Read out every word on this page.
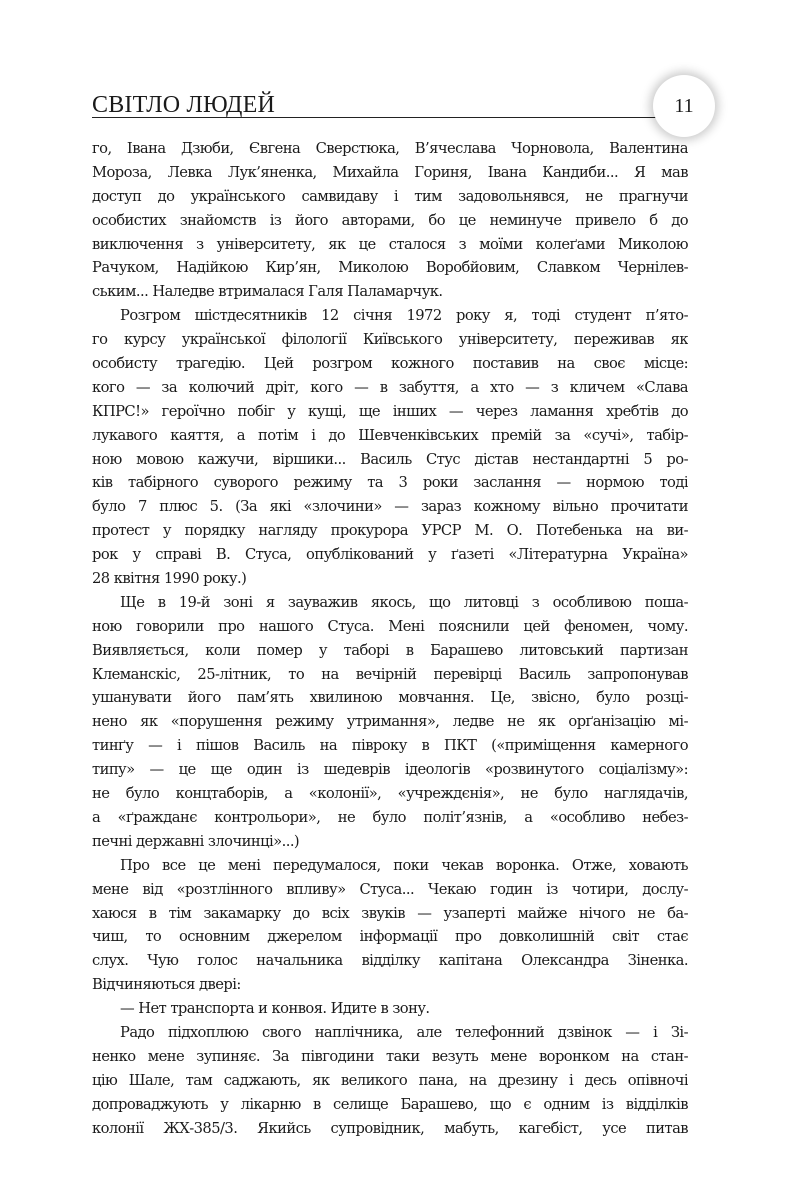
СВІТЛО ЛЮДЕЙ	11
го, Івана Дзюби, Євгена Сверстюка, В’ячеслава Чорновола, Валентина
Мороза, Левка Лук’яненка, Михайла Гориня, Івана Кандиби... Я мав
доступ до українського самвидаву і тим задовольнявся, не прагнучи
особистих знайомств із його авторами, бо це неминуче привело б до
виключення з університету, як це сталося з моїми колеґами Миколою
Рачуком, Надійкою Кир’ян, Миколою Воробйовим, Славком Чернілев-
ським... Наледве втрималася Галя Паламарчук.
Розгром шістдесятників 12 січня 1972 року я, тоді студент п’ято-
го курсу української філології Київського університету, переживав як
особисту трагедію. Цей розгром кожного поставив на своє місце:
кого — за колючий дріт, кого — в забуття, а хто — з кличем «Слава
КПРС!» героїчно побіг у кущі, ще інших — через ламання хребтів до
лукавого каяття, а потім і до Шевченківських премій за «сучі», табір-
ною мовою кажучи, віршики... Василь Стус дістав нестандартні 5 ро-
ків табірного суворого режиму та 3 роки заслання — нормою тоді
було 7 плюс 5. (За які «злочини» — зараз кожному вільно прочитати
протест у порядку нагляду прокурора УРСР М. О. Потебенька на ви-
рок у справі В. Стуса, опублікований у ґазеті «Літературна Україна»
28 квітня 1990 року.)
Ще в 19-й зоні я зауважив якось, що литовці з особливою поша-
ною говорили про нашого Стуса. Мені пояснили цей феномен, чому.
Виявляється, коли помер у таборі в Барашево литовський партизан
Клеманскіс, 25-літник, то на вечірній перевірці Василь запропонував
ушанувати його пам’ять хвилиною мовчання. Це, звісно, було розці-
нено як «порушення режиму утримання», ледве не як орґанізацію мі-
тинґу — і пішов Василь на півроку в ПКТ («приміщення камерного
типу» — це ще один із шедеврів ідеологів «розвинутого соціалізму»:
не було концтаборів, а «колонії», «учреждєнія», не було наглядачів,
а «ґражданє контрольори», не було політ’язнів, а «особливо небез-
печні державні злочинці»...)
Про все це мені передумалося, поки чекав воронка. Отже, ховають
мене від «розтлінного впливу» Стуса... Чекаю годин із чотири, дослу-
хаюся в тім закамарку до всіх звуків — узаперті майже нічого не ба-
чиш, то основним джерелом інформації про довколишній світ стає
слух. Чую голос начальника відділку капітана Олександра Зіненка.
Відчиняються двері:
— Нет транспорта и конвоя. Идите в зону.
Радо підхоплюю свого наплічника, але телефонний дзвінок — і Зі-
ненко мене зупиняє. За півгодини таки везуть мене воронком на стан-
цію Шале, там саджають, як великого пана, на дрезину і десь опівночі
допроваджують у лікарню в селище Барашево, що є одним із відділків
колонії ЖХ-385/3. Якийсь супровідник, мабуть, кагебіст, усе питав
